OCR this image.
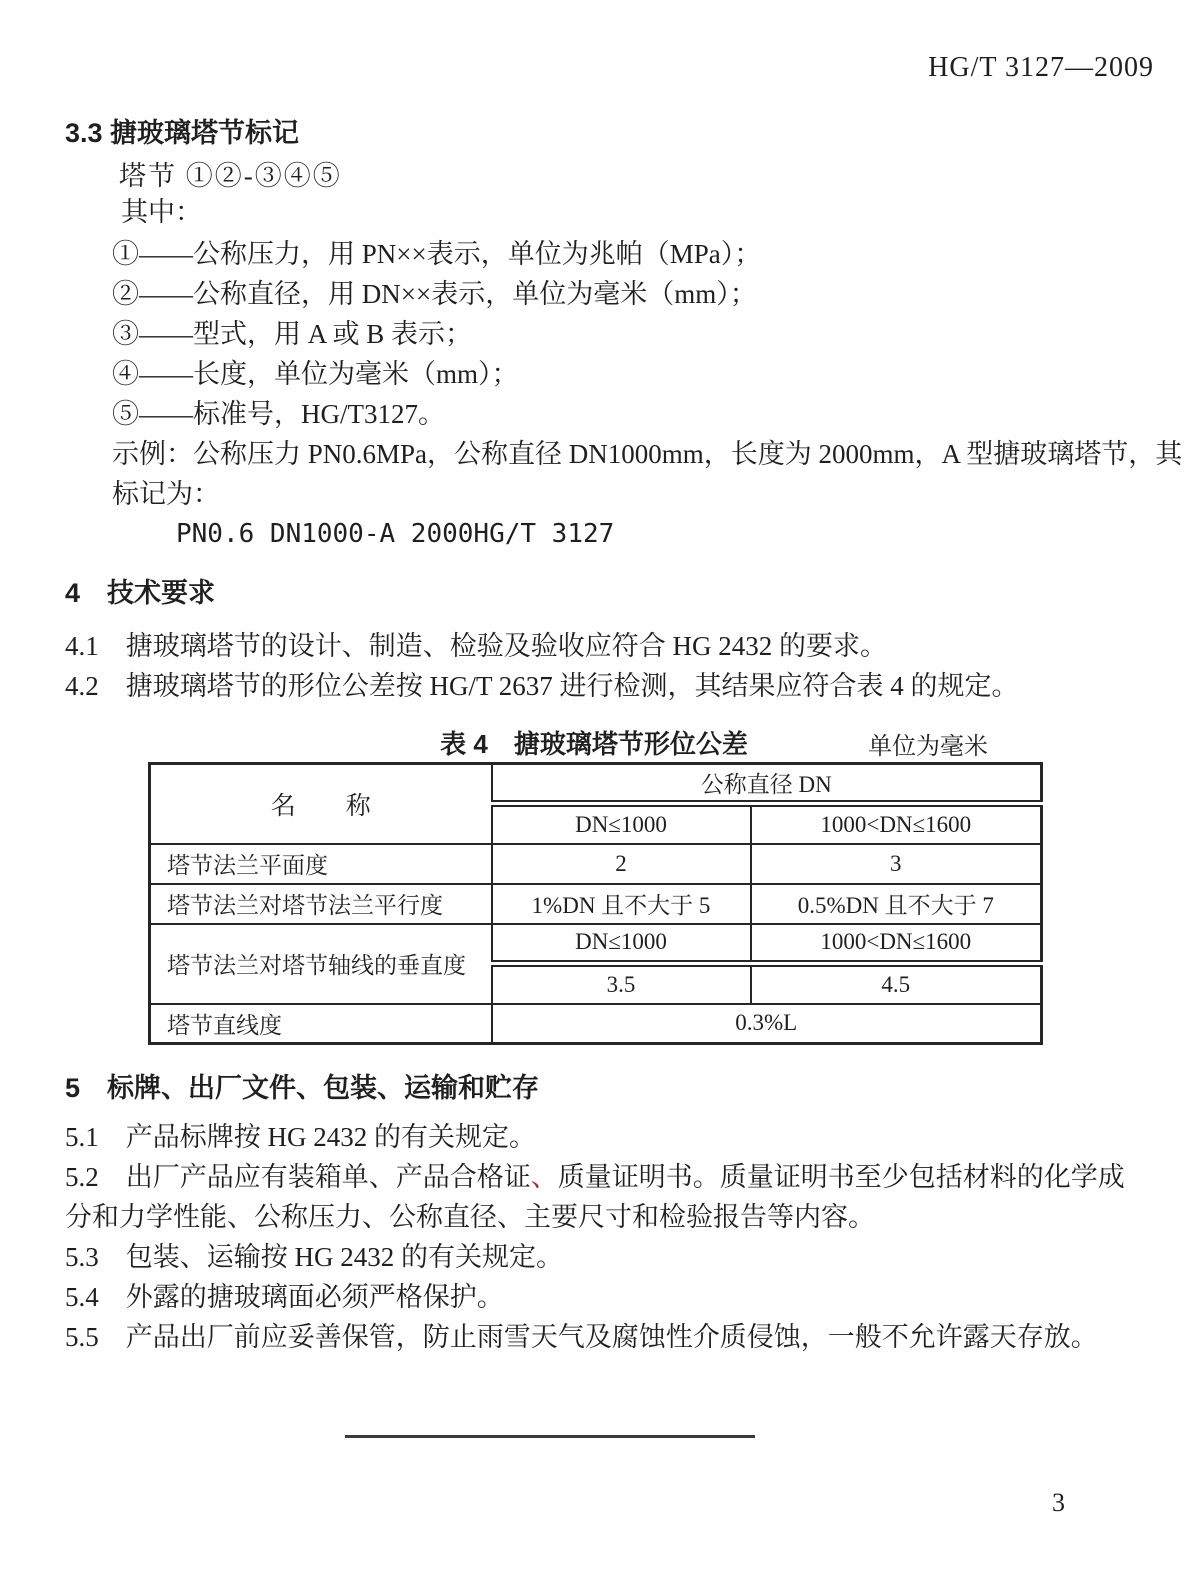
HG/T 3127—2009
3.3 搪玻璃塔节标记
塔节 ①②-③④⑤
其中：
①——公称压力，用 PN××表示，单位为兆帕（MPa）；
②——公称直径，用 DN××表示，单位为毫米（mm）；
③——型式，用 A 或 B 表示；
④——长度，单位为毫米（mm）；
⑤——标准号，HG/T3127。
示例：公称压力 PN0.6MPa，公称直径 DN1000mm，长度为 2000mm，A 型搪玻璃塔节，其标记为：
PN0.6 DN1000-A 2000HG/T 3127
4　技术要求
4.1　搪玻璃塔节的设计、制造、检验及验收应符合 HG 2432 的要求。
4.2　搪玻璃塔节的形位公差按 HG/T 2637 进行检测，其结果应符合表 4 的规定。
表 4　搪玻璃塔节形位公差	单位为毫米
名　　称	公称直径 DN	
	DN≤1000	1000<DN≤1600
塔节法兰平面度	2	3
塔节法兰对塔节法兰平行度	1%DN 且不大于 5	0.5%DN 且不大于 7
塔节法兰对塔节轴线的垂直度	DN≤1000	1000<DN≤1600
	3.5	4.5
塔节直线度	0.3%L	
5　标牌、出厂文件、包装、运输和贮存
5.1　产品标牌按 HG 2432 的有关规定。
5.2　出厂产品应有装箱单、产品合格证、质量证明书。质量证明书至少包括材料的化学成分和力学性能、公称压力、公称直径、主要尺寸和检验报告等内容。
5.3　包装、运输按 HG 2432 的有关规定。
5.4　外露的搪玻璃面必须严格保护。
5.5　产品出厂前应妥善保管，防止雨雪天气及腐蚀性介质侵蚀，一般不允许露天存放。
3
